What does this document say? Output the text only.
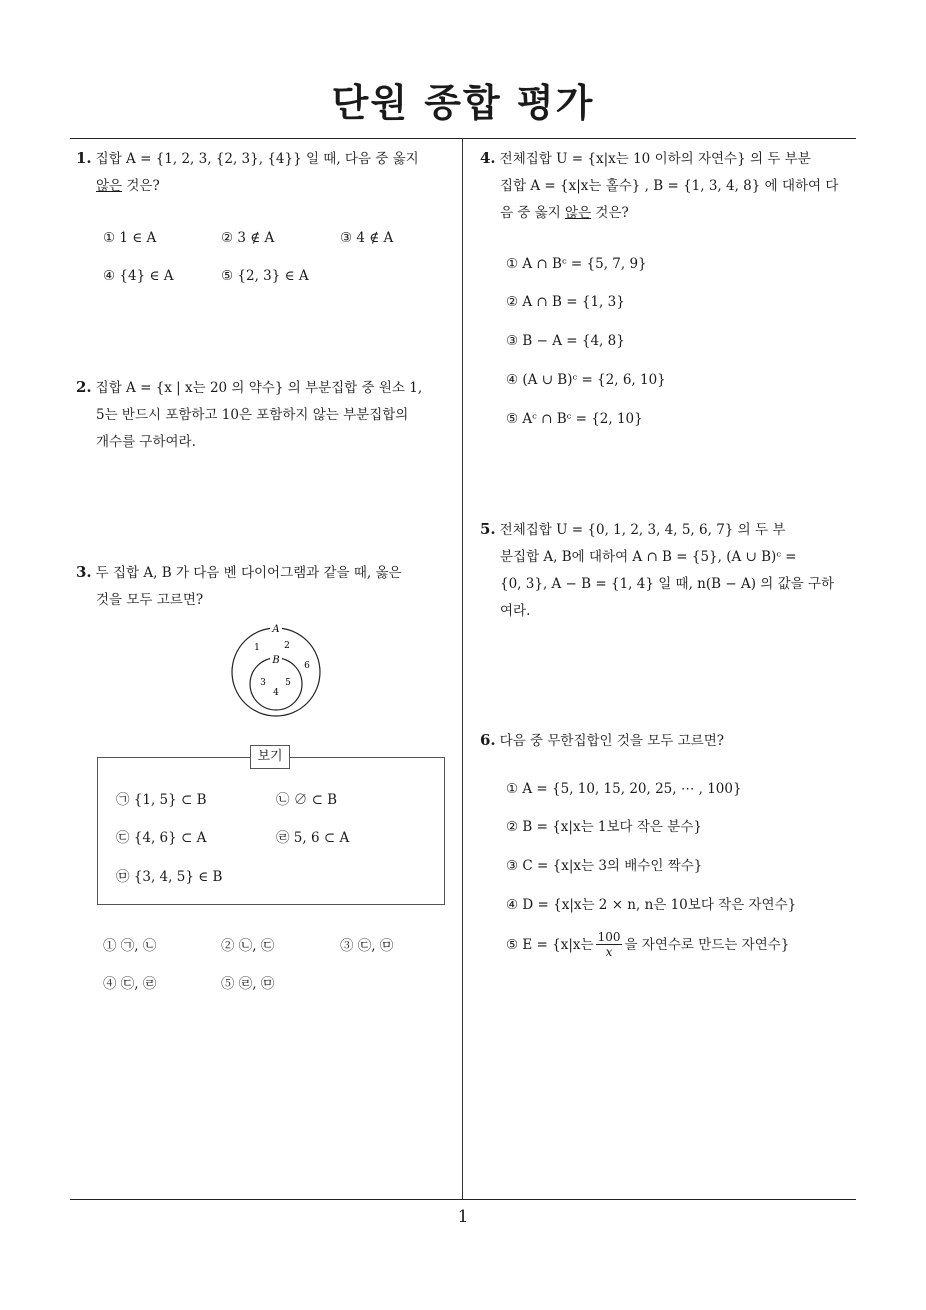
단원 종합 평가
1. 집합 A = {1, 2, 3, {2, 3}, {4}} 일 때, 다음 중 옳지
않은 것은?
① 1 ∈ A	② 3 ∉ A	③ 4 ∉ A
④ {4} ∈ A	⑤ {2, 3} ∈ A
2. 집합 A = {x | x는 20 의 약수} 의 부분집합 중 원소 1,
5는 반드시 포함하고 10은 포함하지 않는 부분집합의
개수를 구하여라.
3. 두 집합 A, B 가 다음 벤 다이어그램과 같을 때, 옳은
것을 모두 고르면?
A
B
1	2
6
3 5
4
보기
㉠ {1, 5} ⊂ B	㉡ ∅ ⊂ B
㉢ {4, 6} ⊂ A	㉣ 5, 6 ⊂ A
㉤ {3, 4, 5} ∈ B
① ㉠, ㉡	② ㉡, ㉢	③ ㉢, ㉤
④ ㉢, ㉣	⑤ ㉣, ㉤
4. 전체집합 U = {x|x는 10 이하의 자연수} 의 두 부분
집합 A = {x|x는 홀수} , B = {1, 3, 4, 8} 에 대하여 다
음 중 옳지 않은 것은?
① A ∩ Bᶜ = {5, 7, 9}
② A ∩ B = {1, 3}
③ B − A = {4, 8}
④ (A ∪ B)ᶜ = {2, 6, 10}
⑤ Aᶜ ∩ Bᶜ = {2, 10}
5. 전체집합 U = {0, 1, 2, 3, 4, 5, 6, 7} 의 두 부
분집합 A, B에 대하여 A ∩ B = {5}, (A ∪ B)ᶜ =
{0, 3}, A − B = {1, 4} 일 때, n(B − A) 의 값을 구하
여라.
6. 다음 중 무한집합인 것을 모두 고르면?
① A = {5, 10, 15, 20, 25, ⋯ , 100}
② B = {x|x는 1보다 작은 분수}
③ C = {x|x는 3의 배수인 짝수}
④ D = {x|x는 2 × n, n은 10보다 작은 자연수}
⑤ E = {x|x는 $\frac{100}{x}$ 을 자연수로 만드는 자연수}
1
